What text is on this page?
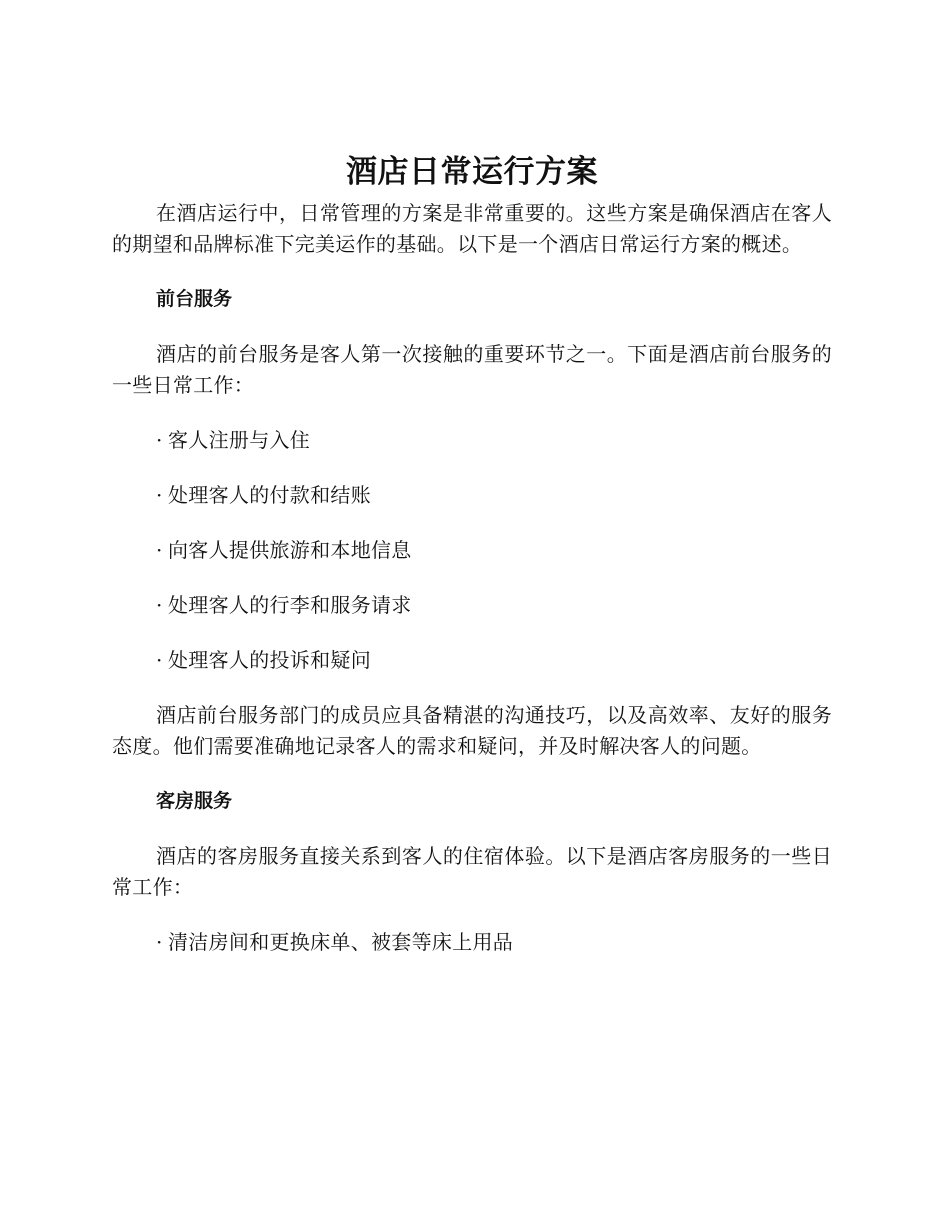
酒店日常运行方案

在酒店运行中，日常管理的方案是非常重要的。这些方案是确保酒店在客人的期望和品牌标准下完美运作的基础。以下是一个酒店日常运行方案的概述。

前台服务

酒店的前台服务是客人第一次接触的重要环节之一。下面是酒店前台服务的一些日常工作：

· 客人注册与入住
· 处理客人的付款和结账
· 向客人提供旅游和本地信息
· 处理客人的行李和服务请求
· 处理客人的投诉和疑问

酒店前台服务部门的成员应具备精湛的沟通技巧，以及高效率、友好的服务态度。他们需要准确地记录客人的需求和疑问，并及时解决客人的问题。

客房服务

酒店的客房服务直接关系到客人的住宿体验。以下是酒店客房服务的一些日常工作：

· 清洁房间和更换床单、被套等床上用品
